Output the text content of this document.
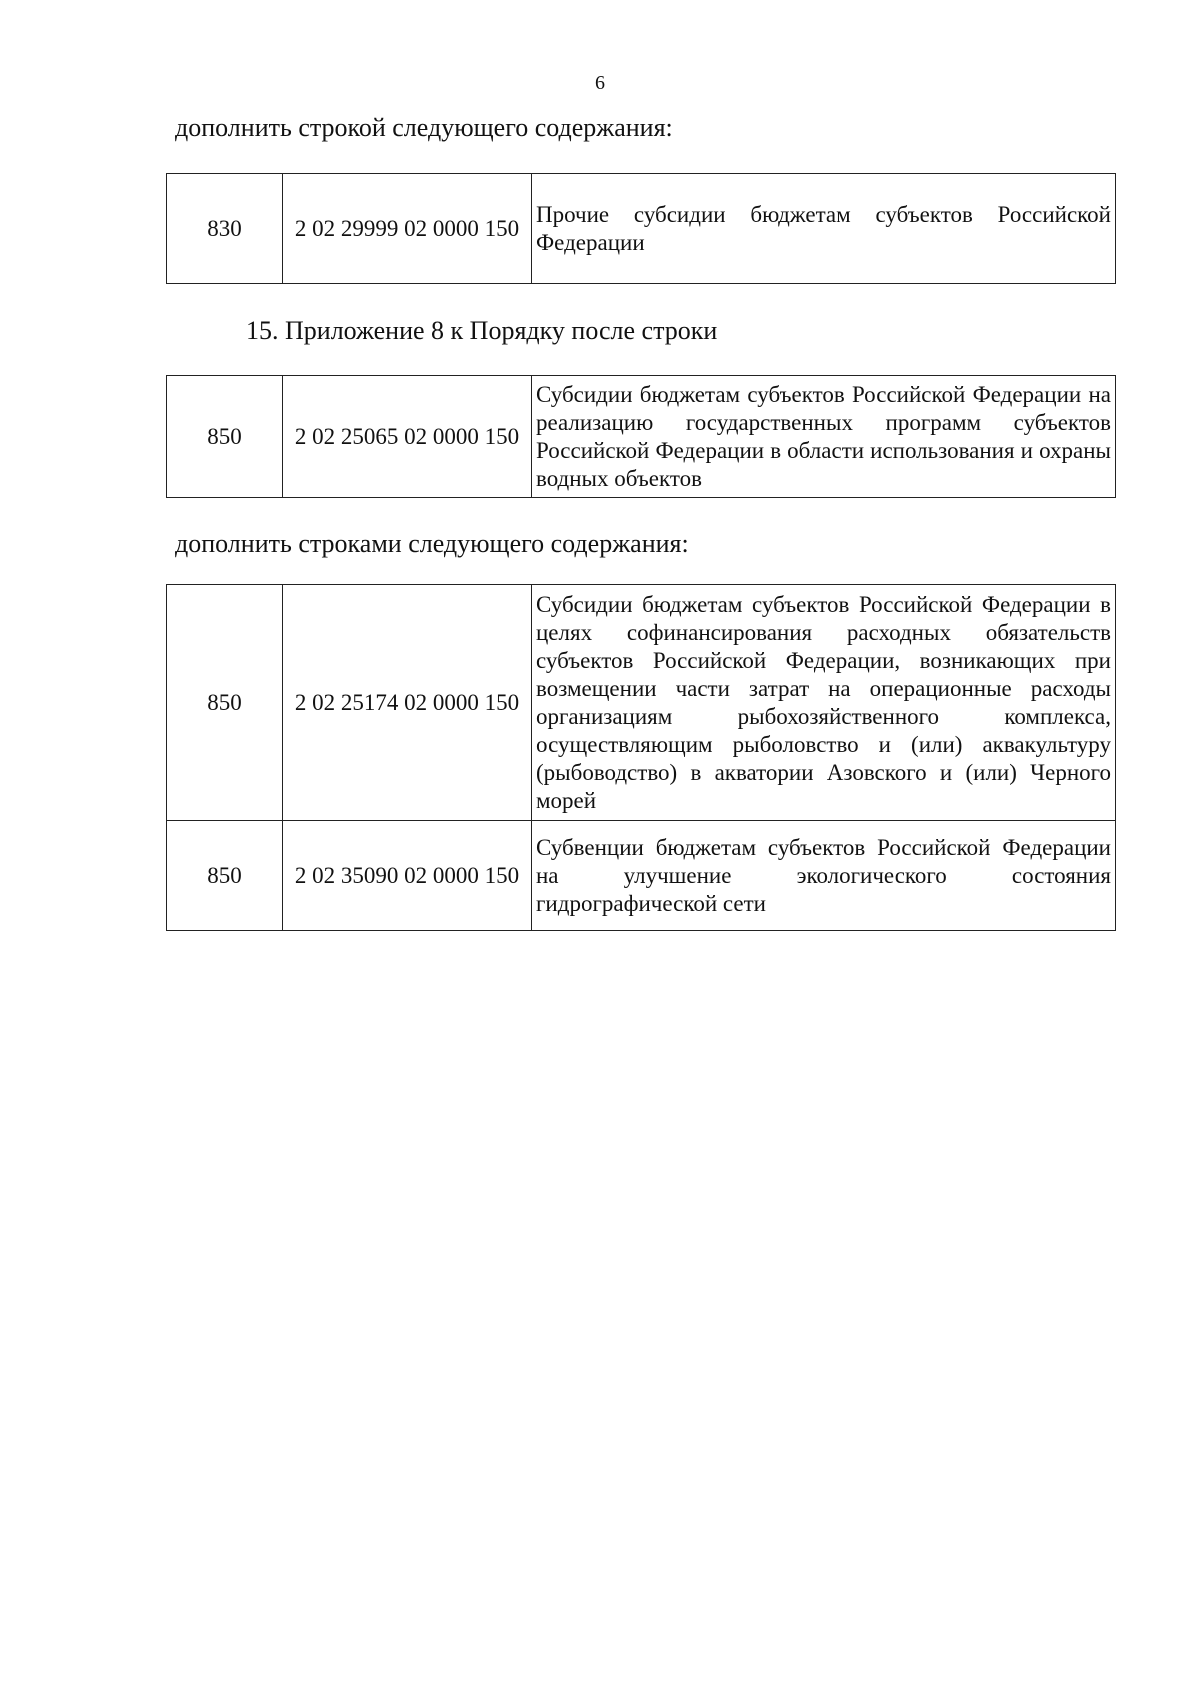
6
дополнить строкой следующего содержания:
830	2 02 29999 02 0000 150	Прочие субсидии бюджетам субъектов Российской Федерации
15. Приложение 8 к Порядку после строки
850	2 02 25065 02 0000 150	Субсидии бюджетам субъектов Российской Федерации на реализацию государственных программ субъектов Российской Федерации в области использования и охраны водных объектов
дополнить строками следующего содержания:
850	2 02 25174 02 0000 150	Субсидии бюджетам субъектов Российской Федерации в целях софинансирования расходных обязательств субъектов Российской Федерации, возникающих при возмещении части затрат на операционные расходы организациям рыбохозяйственного комплекса, осуществляющим рыболовство и (или) аквакультуру (рыбоводство) в акватории Азовского и (или) Черного морей
850	2 02 35090 02 0000 150	Субвенции бюджетам субъектов Российской Федерации на улучшение экологического состояния гидрографической сети
